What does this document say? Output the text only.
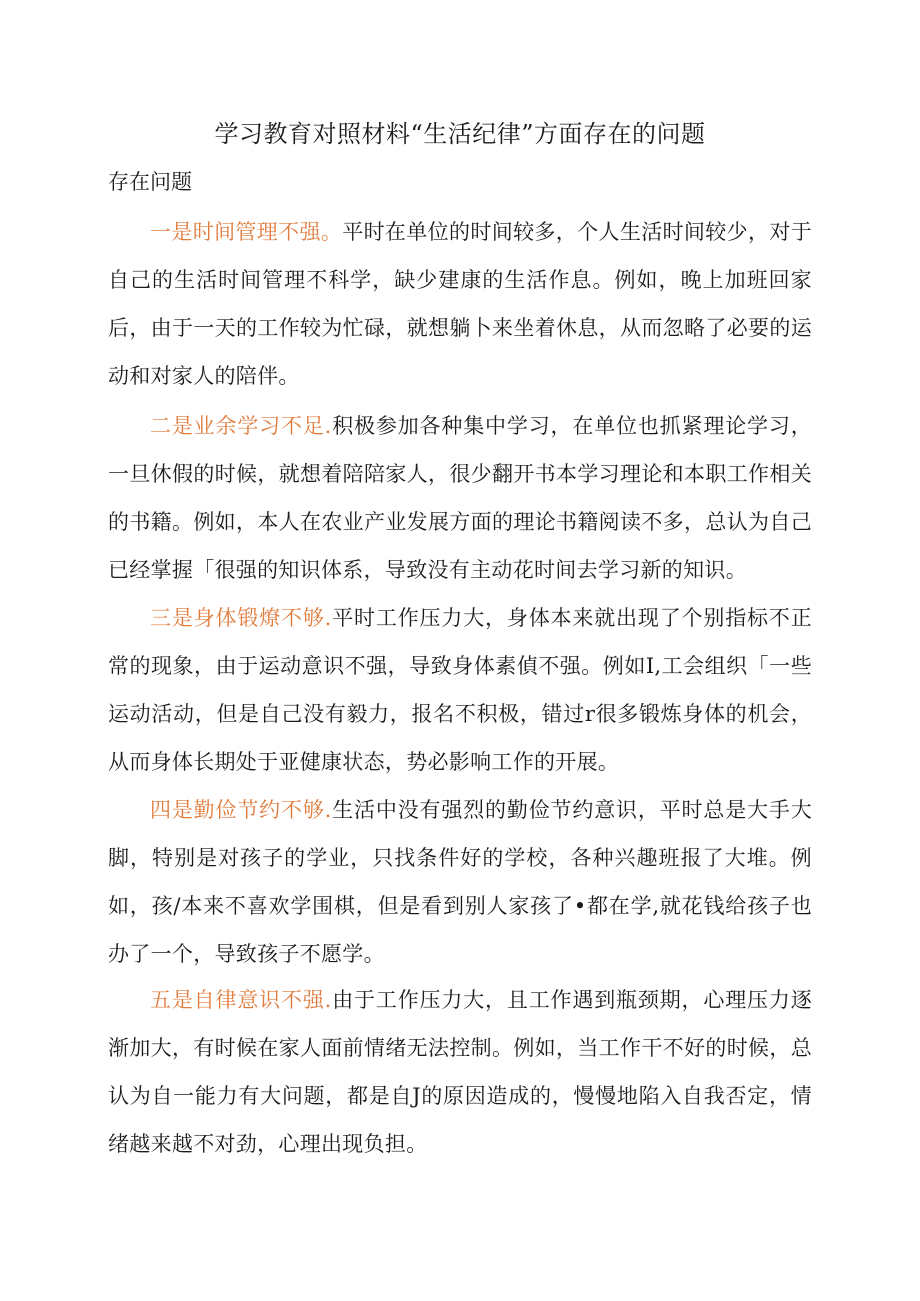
学习教育对照材料“生活纪律”方面存在的问题
存在问题

一是时间管理不强。平时在单位的时间较多，个人生活时间较少，对于自己的生活时间管理不科学，缺少建康的生活作息。例如，晚上加班回家后，由于一天的工作较为忙碌，就想躺卜来坐着休息，从而忽略了必要的运动和对家人的陪伴。

二是业余学习不足.积极参加各种集中学习，在单位也抓紧理论学习，一旦休假的时候，就想着陪陪家人，很少翻开书本学习理论和本职工作相关的书籍。例如，本人在农业产业发展方面的理论书籍阅读不多，总认为自己已经掌握「很强的知识体系，导致没有主动花时间去学习新的知识。

三是身体锻燎不够.平时工作压力大，身体本来就出现了个别指标不正常的现象，由于运动意识不强，导致身体素偵不强。例如I,工会组织「一些运动活动，但是自己没有毅力，报名不积极，错过r很多锻炼身体的机会，从而身体长期处于亚健康状态，势必影响工作的开展。

四是勤俭节约不够.生活中没有强烈的勤俭节约意识，平时总是大手大脚，特别是对孩子的学业，只找条件好的学校，各种兴趣班报了大堆。例如，孩/本来不喜欢学围棋，但是看到别人家孩了•都在学,就花钱给孩子也办了一个，导致孩子不愿学。

五是自律意识不强.由于工作压力大，且工作遇到瓶颈期，心理压力逐渐加大，有时候在家人面前情绪无法控制。例如，当工作干不好的时候，总认为自一能力有大问题，都是自J的原因造成的，慢慢地陷入自我否定，情绪越来越不对劲，心理出现负担。
